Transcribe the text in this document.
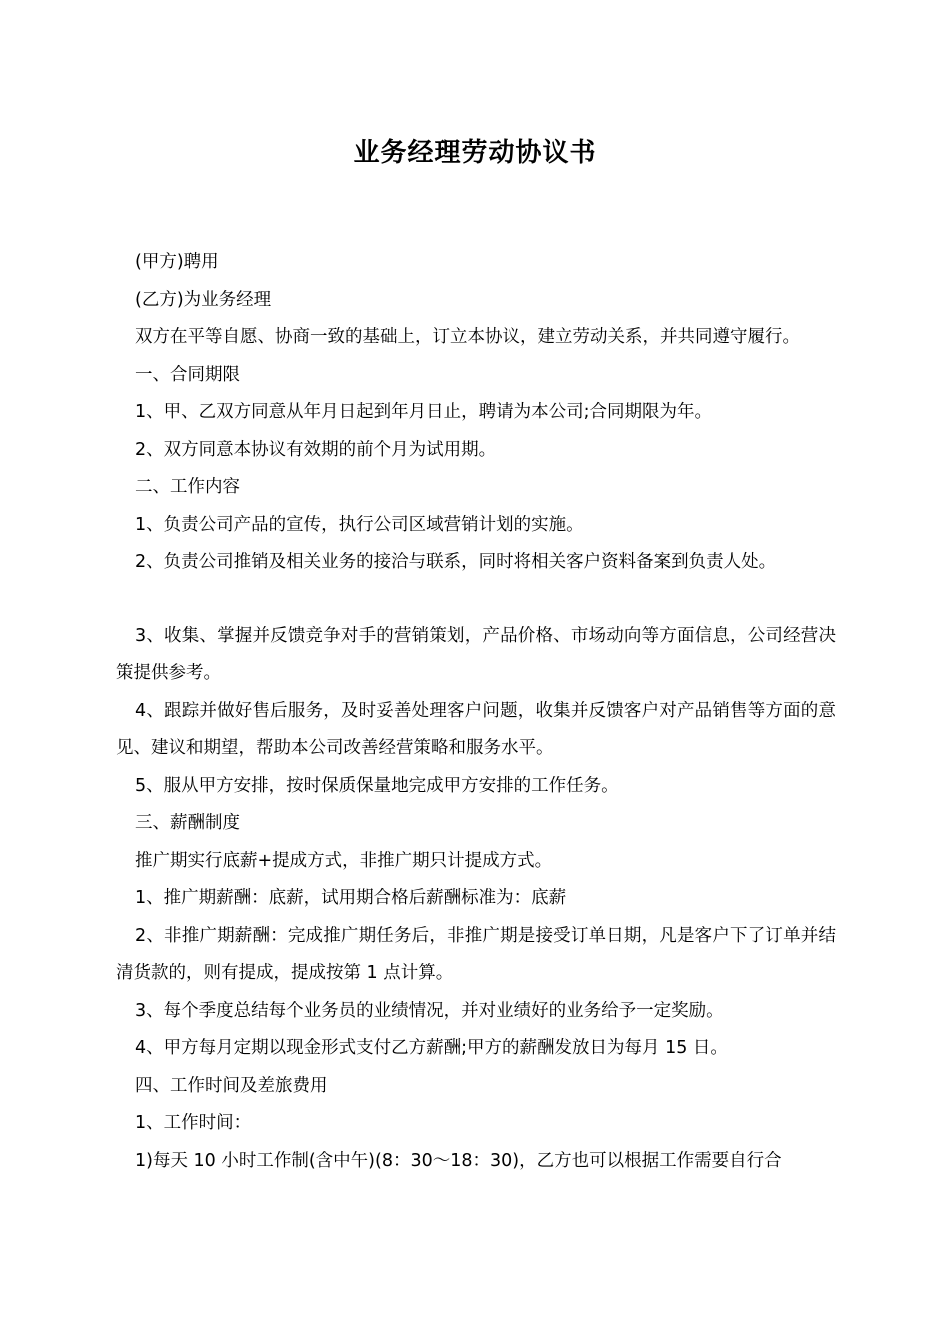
业务经理劳动协议书

(甲方)聘用

(乙方)为业务经理

双方在平等自愿、协商一致的基础上，订立本协议，建立劳动关系，并共同遵守履行。

一、合同期限

1、甲、乙双方同意从年月日起到年月日止，聘请为本公司;合同期限为年。

2、双方同意本协议有效期的前个月为试用期。

二、工作内容

1、负责公司产品的宣传，执行公司区域营销计划的实施。

2、负责公司推销及相关业务的接洽与联系，同时将相关客户资料备案到负责人处。

3、收集、掌握并反馈竞争对手的营销策划，产品价格、市场动向等方面信息，公司经营决策提供参考。

4、跟踪并做好售后服务，及时妥善处理客户问题，收集并反馈客户对产品销售等方面的意见、建议和期望，帮助本公司改善经营策略和服务水平。

5、服从甲方安排，按时保质保量地完成甲方安排的工作任务。

三、薪酬制度

推广期实行底薪+提成方式，非推广期只计提成方式。

1、推广期薪酬：底薪，试用期合格后薪酬标准为：底薪

2、非推广期薪酬：完成推广期任务后，非推广期是接受订单日期，凡是客户下了订单并结清货款的，则有提成，提成按第 1 点计算。

3、每个季度总结每个业务员的业绩情况，并对业绩好的业务给予一定奖励。

4、甲方每月定期以现金形式支付乙方薪酬;甲方的薪酬发放日为每月 15 日。

四、工作时间及差旅费用

1、工作时间：

1)每天 10 小时工作制(含中午)(8：30～18：30)，乙方也可以根据工作需要自行合
